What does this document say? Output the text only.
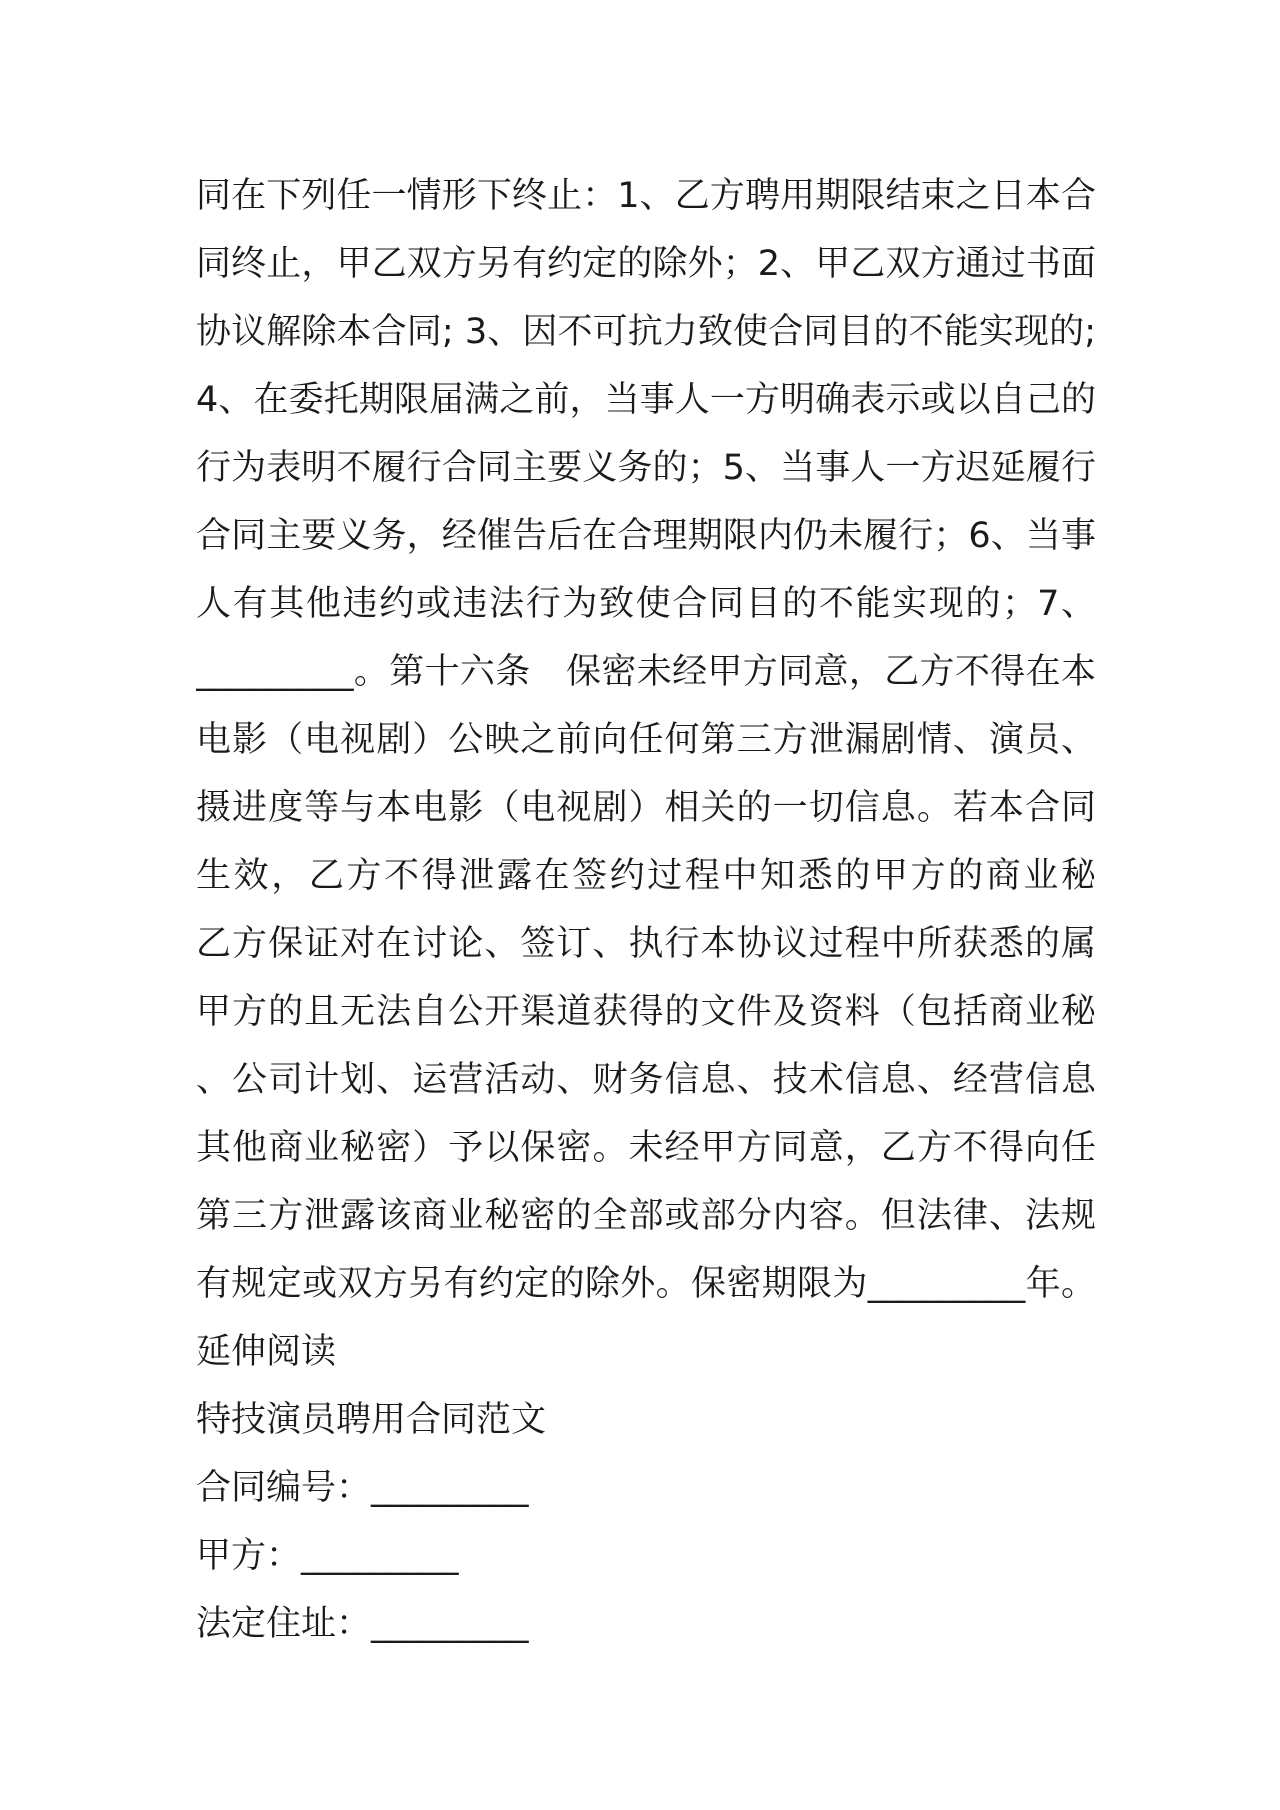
同在下列任一情形下终止：1、乙方聘用期限结束之日本合
同终止，甲乙双方另有约定的除外；2、甲乙双方通过书面
协议解除本合同; 3、因不可抗力致使合同目的不能实现的;
4、在委托期限届满之前，当事人一方明确表示或以自己的
行为表明不履行合同主要义务的；5、当事人一方迟延履行
合同主要义务，经催告后在合理期限内仍未履行；6、当事
人有其他违约或违法行为致使合同目的不能实现的；7、
_________。第十六条　保密未经甲方同意，乙方不得在本
电影（电视剧）公映之前向任何第三方泄漏剧情、演员、
摄进度等与本电影（电视剧）相关的一切信息。若本合同
生效，乙方不得泄露在签约过程中知悉的甲方的商业秘
乙方保证对在讨论、签订、执行本协议过程中所获悉的属
甲方的且无法自公开渠道获得的文件及资料（包括商业秘
、公司计划、运营活动、财务信息、技术信息、经营信息
其他商业秘密）予以保密。未经甲方同意，乙方不得向任
第三方泄露该商业秘密的全部或部分内容。但法律、法规
有规定或双方另有约定的除外。保密期限为_________年。
延伸阅读
特技演员聘用合同范文
合同编号：_________
甲方：_________
法定住址：_________
